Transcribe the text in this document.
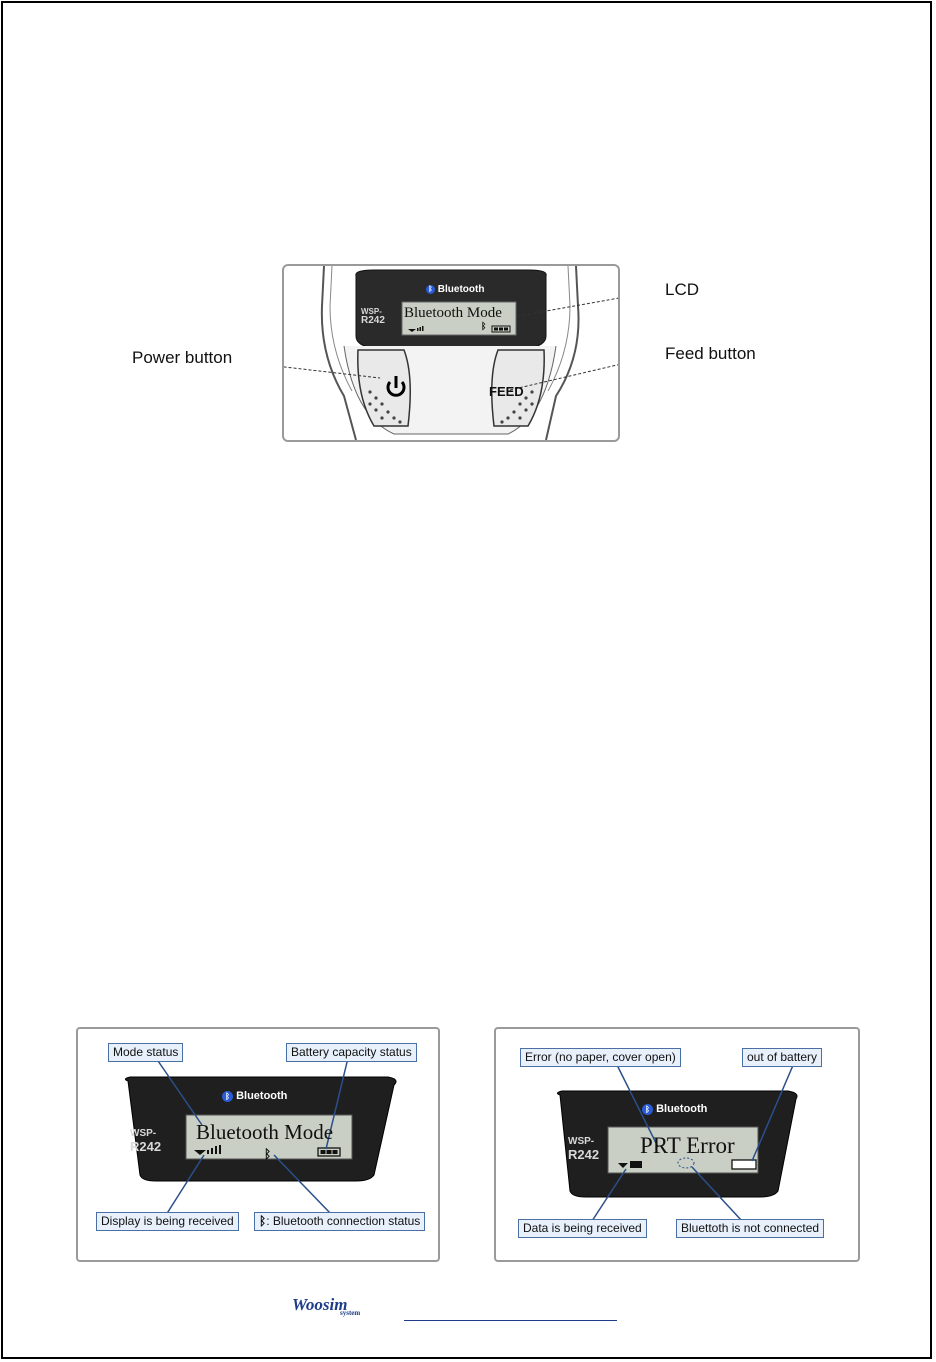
ᛒ Bluetooth
WSP-
R242 Bluetooth Mode
ᛒ
FEED
LCD
Power button	Feed button
ᛒ Bluetooth
WSP-
R242
Bluetooth Mode
ᛒ
Mode status	Battery capacity status
Display is being received	ᛒ: Bluetooth connection status
ᛒ Bluetooth
WSP-
R242 PRT Error
Error (no paper, cover open)	out of battery
Data is being received	Bluettoth is not connected
Woosim
system
